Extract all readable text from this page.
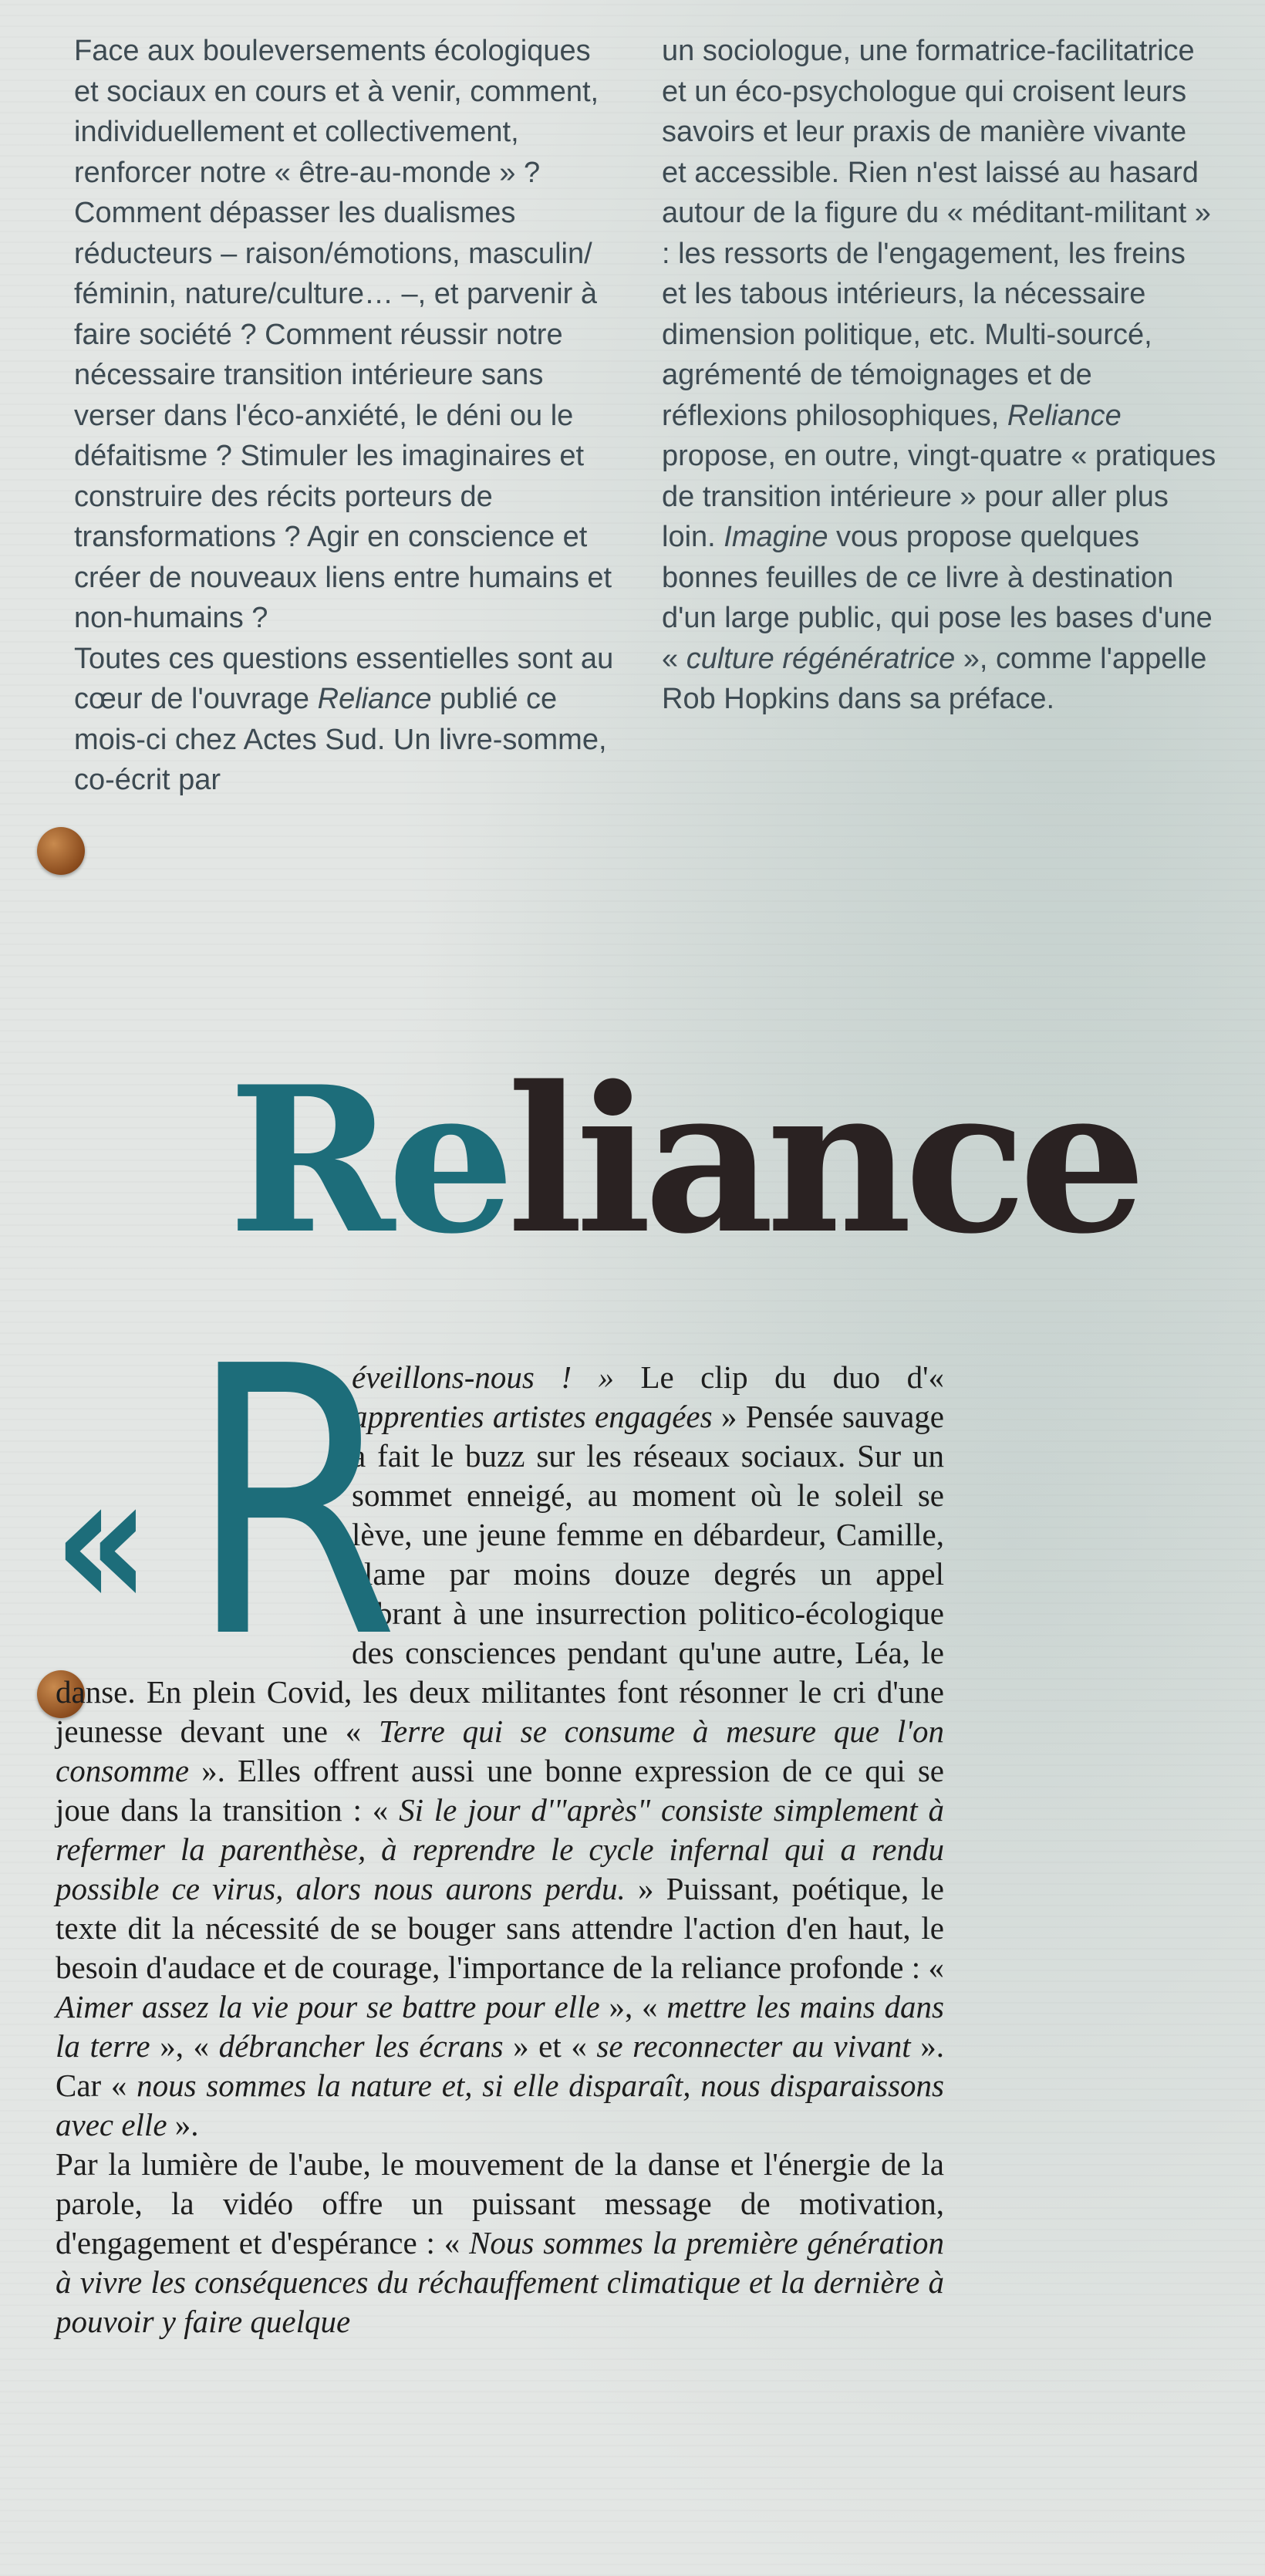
Face aux bouleversements écologiques et sociaux en cours et à venir, comment, individuellement et collectivement, renforcer notre « être-au-monde » ? Comment dépasser les dualismes réducteurs – raison/émotions, masculin/ féminin, nature/culture… –, et parvenir à faire société ? Comment réussir notre nécessaire transition intérieure sans verser dans l'éco-anxiété, le déni ou le défaitisme ? Stimuler les imaginaires et construire des récits porteurs de transformations ? Agir en conscience et créer de nouveaux liens entre humains et non-humains ?

Toutes ces questions essentielles sont au cœur de l'ouvrage Reliance publié ce mois-ci chez Actes Sud. Un livre-somme, co-écrit par

un sociologue, une formatrice-facilitatrice et un éco-psychologue qui croisent leurs savoirs et leur praxis de manière vivante et accessible. Rien n'est laissé au hasard autour de la figure du « méditant-militant » : les ressorts de l'engagement, les freins et les tabous intérieurs, la nécessaire dimension politique, etc. Multi-sourcé, agrémenté de témoignages et de réflexions philosophiques, Reliance propose, en outre, vingt-quatre « pratiques de transition intérieure » pour aller plus loin. Imagine vous propose quelques bonnes feuilles de ce livre à destination d'un large public, qui pose les bases d'une « culture régénératrice », comme l'appelle Rob Hopkins dans sa préface.

Reliance
« R

éveillons-nous ! » Le clip du duo d'« apprenties artistes engagées » Pensée sauvage a fait le buzz sur les réseaux sociaux. Sur un sommet enneigé, au moment où le soleil se lève, une jeune femme en débardeur, Camille, slame par moins douze degrés un appel vibrant à une insurrection politico-écologique des consciences pendant qu'une autre, Léa, le danse. En plein Covid, les deux militantes font résonner le cri d'une jeunesse devant une « Terre qui se consume à mesure que l'on consomme ». Elles offrent aussi une bonne expression de ce qui se joue dans la transition : « Si le jour d'"après" consiste simplement à refermer la parenthèse, à reprendre le cycle infernal qui a rendu possible ce virus, alors nous aurons perdu. » Puissant, poétique, le texte dit la nécessité de se bouger sans attendre l'action d'en haut, le besoin d'audace et de courage, l'importance de la reliance profonde : « Aimer assez la vie pour se battre pour elle », « mettre les mains dans la terre », « débrancher les écrans » et « se reconnecter au vivant ». Car « nous sommes la nature et, si elle disparaît, nous disparaissons avec elle ».

Par la lumière de l'aube, le mouvement de la danse et l'énergie de la parole, la vidéo offre un puissant message de motivation, d'engagement et d'espérance : « Nous sommes la première génération à vivre les conséquences du réchauffement climatique et la dernière à pouvoir y faire quelque
